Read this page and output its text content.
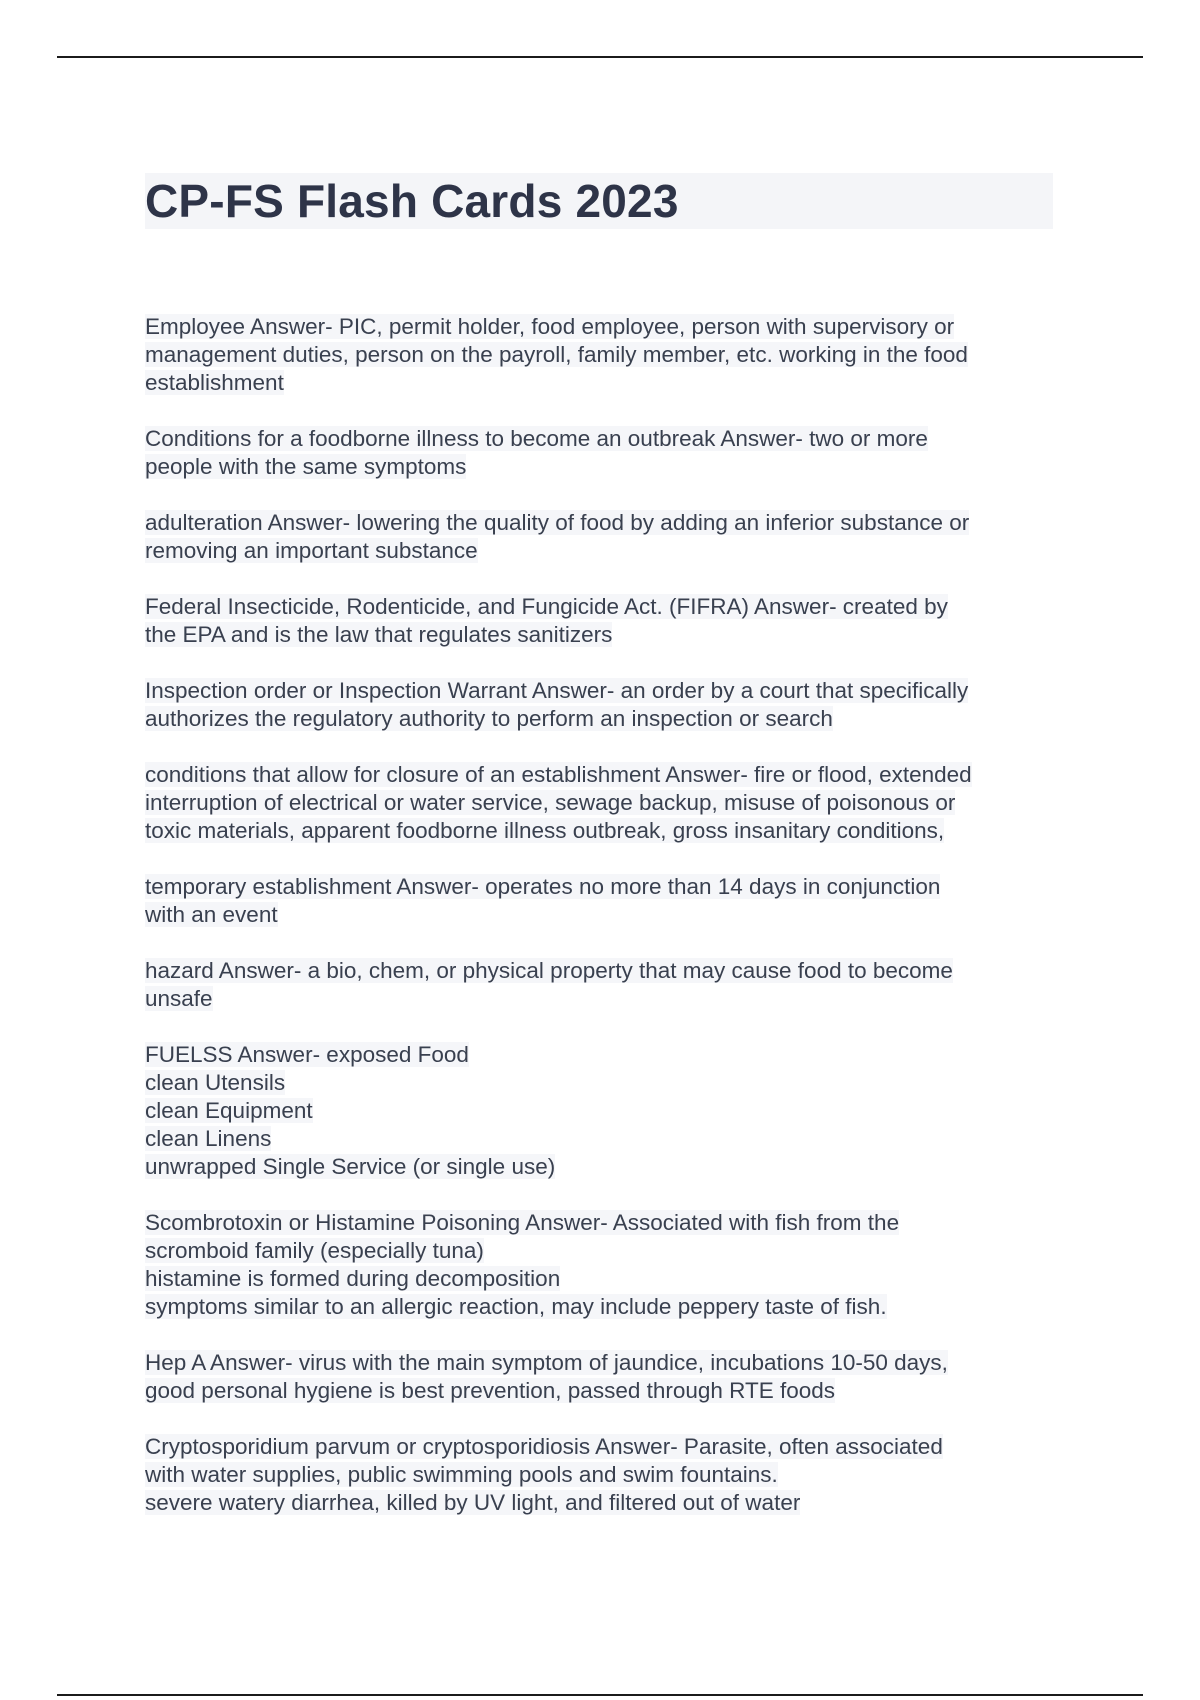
CP-FS Flash Cards 2023

Employee Answer- PIC, permit holder, food employee, person with supervisory or
management duties, person on the payroll, family member, etc. working in the food
establishment

Conditions for a foodborne illness to become an outbreak Answer- two or more
people with the same symptoms

adulteration Answer- lowering the quality of food by adding an inferior substance or
removing an important substance

Federal Insecticide, Rodenticide, and Fungicide Act. (FIFRA) Answer- created by
the EPA and is the law that regulates sanitizers

Inspection order or Inspection Warrant Answer- an order by a court that specifically
authorizes the regulatory authority to perform an inspection or search

conditions that allow for closure of an establishment Answer- fire or flood, extended
interruption of electrical or water service, sewage backup, misuse of poisonous or
toxic materials, apparent foodborne illness outbreak, gross insanitary conditions,

temporary establishment Answer- operates no more than 14 days in conjunction
with an event

hazard Answer- a bio, chem, or physical property that may cause food to become
unsafe

FUELSS Answer- exposed Food
clean Utensils
clean Equipment
clean Linens
unwrapped Single Service (or single use)

Scombrotoxin or Histamine Poisoning Answer- Associated with fish from the
scromboid family (especially tuna)
histamine is formed during decomposition
symptoms similar to an allergic reaction, may include peppery taste of fish.

Hep A Answer- virus with the main symptom of jaundice, incubations 10-50 days,
good personal hygiene is best prevention, passed through RTE foods

Cryptosporidium parvum or cryptosporidiosis Answer- Parasite, often associated
with water supplies, public swimming pools and swim fountains.
severe watery diarrhea, killed by UV light, and filtered out of water
